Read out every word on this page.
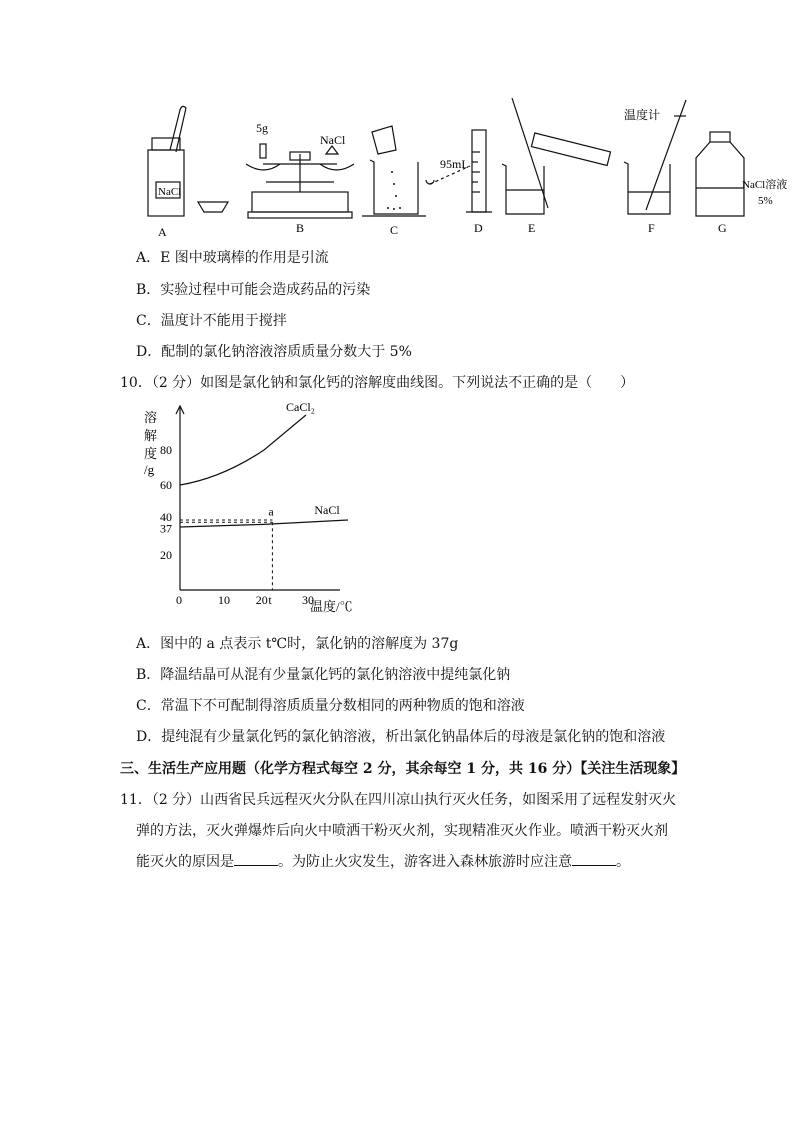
NaCl
5g
NaCl
95mL
温度计
NaCl溶液
5%
A	B	C	D	E	F	G
A．E 图中玻璃棒的作用是引流
B．实验过程中可能会造成药品的污染
C．温度计不能用于搅拌
D．配制的氯化钠溶液溶质质量分数大于 5%
10．（2 分）如图是氯化钠和氯化钙的溶解度曲线图。下列说法不正确的是（　　）
溶
解
度
/g
0	10 20 t	30
20
37
40
60
80
温度/℃
CaCl₂
NaCl
a
A．图中的 a 点表示 t℃时，氯化钠的溶解度为 37g
B．降温结晶可从混有少量氯化钙的氯化钠溶液中提纯氯化钠
C．常温下不可配制得溶质质量分数相同的两种物质的饱和溶液
D．提纯混有少量氯化钙的氯化钠溶液，析出氯化钠晶体后的母液是氯化钠的饱和溶液
三、生活生产应用题（化学方程式每空 2 分，其余每空 1 分，共 16 分）【关注生活现象】
11．（2 分）山西省民兵远程灭火分队在四川凉山执行灭火任务，如图采用了远程发射灭火
弹的方法，灭火弹爆炸后向火中喷洒干粉灭火剂，实现精准灭火作业。喷洒干粉灭火剂
能灭火的原因是	。为防止火灾发生，游客进入森林旅游时应注意	。
